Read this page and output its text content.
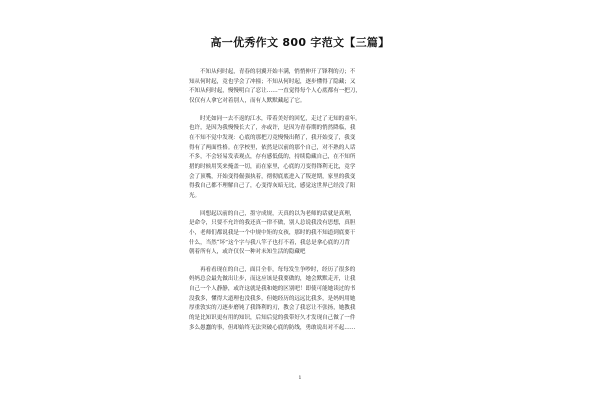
高一优秀作文 800 字范文【三篇】
不知从何时起，青春的羽翼开始丰满，悄悄伸开了锋利的刃；不
知从何时起，竟也学会了冲撞；不知从何时起，逐步懂得了隐藏；又
不知从何时起，慢慢明白了忍让……一直觉得每个人心底都有一把刀，
仅仅有人拿它对着别人，而有人默默藏起了它。
时光如同一去不返的江水，带着美好的回忆，走过了无知的童年。
也许，是因为我慢慢长大了，亦或许，是因为青春期的悄然降临，我
在不知不觉中发现：心底的那把刀竟慢慢出鞘了，我开始变了，我变
得有了两面性格。在学校里，依然是以前的那个自己，对不熟的人话
不多，不会轻易发表观点，存有感低低的，持续隐藏自己，在不知所
措的时候用笑来掩盖一切，而在家里，心底的刀变得锋利无比，竟学
会了顶嘴，开始变得倔强执着，彻彻底底进入了叛逆期，家里的我变
得我自己都不理解自己了，心变得灰暗无比，感觉这世界已经没了阳
光。
回想起以前的自己，墨守成规，天真的以为老师的话就是真理，
是命令，只要不允许的我还真一律不做，别人总说我没有思想，真胆
小，老师们都说我是一个中规中矩的女孩，那时的我不知道到底要干
什么，当然“坏”这个字与我八竿子也打不着，我总是拿心底的刀背
朝着所有人，或许仅仅一种对未知生活的隐藏吧
再看看现在的自己，面目全非，每每发生争吵时，经历了很多的
妈妈总会最先做出让步，而这应该是我要做的，她会默默走开，让我
自己一个人静静，或许这就是我和她的区别吧！即使可能她读过的书
没我多，懂得大道理也没我多，但她经历的远远比我多，是妈妈用她
厚重敦实的刀逐步磨钝了我锋利的刃，教会了我忍让不张扬，她教我
的是比知识更有用的知识，后知后觉的我带好久才发现自己做了一件
多么愚蠢的事，但却始终无法突破心底的防线，勇敢说出对不起……
1
